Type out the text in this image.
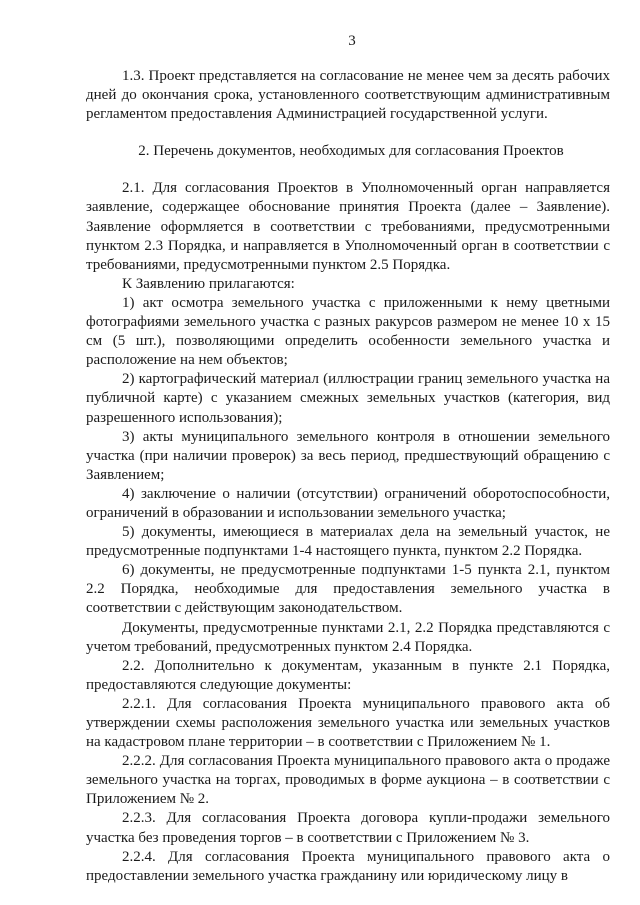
3

1.3. Проект представляется на согласование не менее чем за десять рабочих дней до окончания срока, установленного соответствующим административным регламентом предоставления Администрацией государственной услуги.

2. Перечень документов, необходимых для согласования Проектов

2.1. Для согласования Проектов в Уполномоченный орган направляется заявление, содержащее обоснование принятия Проекта (далее – Заявление). Заявление оформляется в соответствии с требованиями, предусмотренными пунктом 2.3 Порядка, и направляется в Уполномоченный орган в соответствии с требованиями, предусмотренными пунктом 2.5 Порядка.

К Заявлению прилагаются:

1) акт осмотра земельного участка с приложенными к нему цветными фотографиями земельного участка с разных ракурсов размером не менее 10 х 15 см (5 шт.), позволяющими определить особенности земельного участка и расположение на нем объектов;

2) картографический материал (иллюстрации границ земельного участка на публичной карте) с указанием смежных земельных участков (категория, вид разрешенного использования);

3) акты муниципального земельного контроля в отношении земельного участка (при наличии проверок) за весь период, предшествующий обращению с Заявлением;

4) заключение о наличии (отсутствии) ограничений оборотоспособности, ограничений в образовании и использовании земельного участка;

5) документы, имеющиеся в материалах дела на земельный участок, не предусмотренные подпунктами 1-4 настоящего пункта, пунктом 2.2 Порядка.

6) документы, не предусмотренные подпунктами 1-5 пункта 2.1, пунктом 2.2 Порядка, необходимые для предоставления земельного участка в соответствии с действующим законодательством.

Документы, предусмотренные пунктами 2.1, 2.2 Порядка представляются с учетом требований, предусмотренных пунктом 2.4 Порядка.

2.2. Дополнительно к документам, указанным в пункте 2.1 Порядка, предоставляются следующие документы:

2.2.1. Для согласования Проекта муниципального правового акта об утверждении схемы расположения земельного участка или земельных участков на кадастровом плане территории – в соответствии с Приложением № 1.

2.2.2. Для согласования Проекта муниципального правового акта о продаже земельного участка на торгах, проводимых в форме аукциона – в соответствии с Приложением № 2.

2.2.3. Для согласования Проекта договора купли-продажи земельного участка без проведения торгов – в соответствии с Приложением № 3.

2.2.4. Для согласования Проекта муниципального правового акта о предоставлении земельного участка гражданину или юридическому лицу в
